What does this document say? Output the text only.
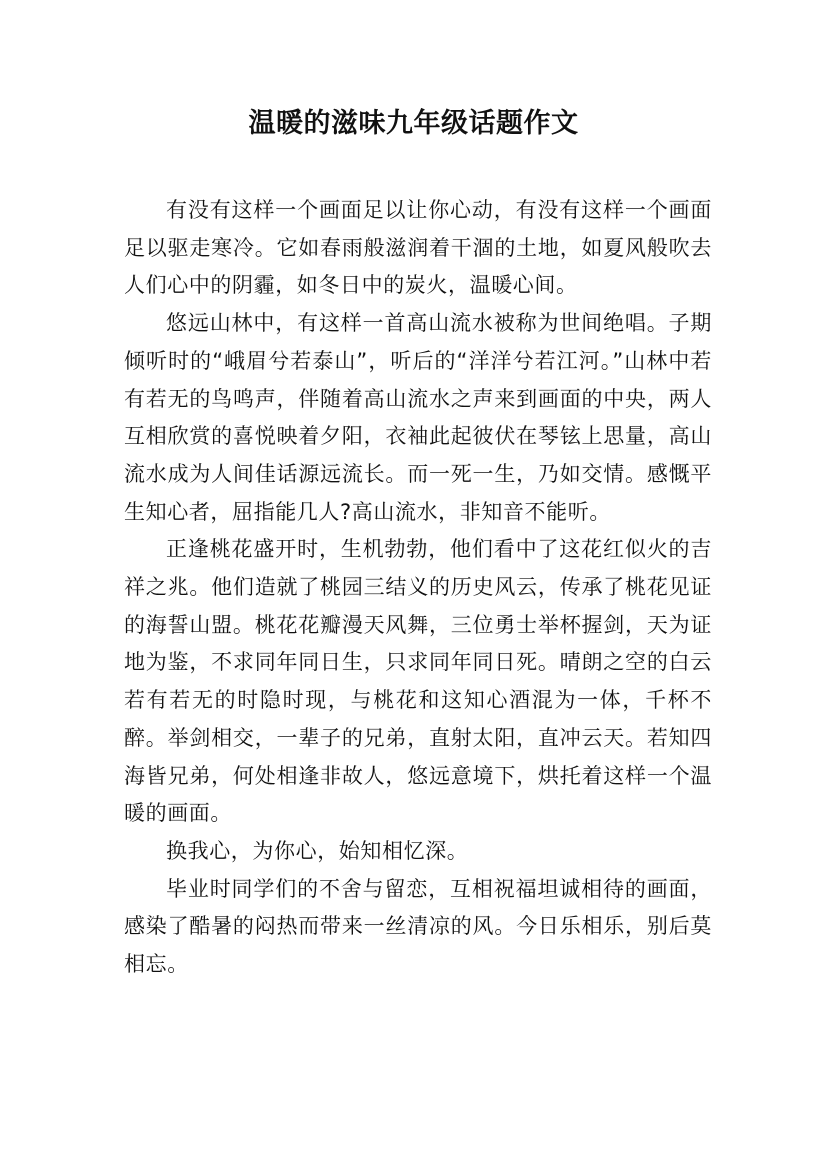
温暖的滋味九年级话题作文

有没有这样一个画面足以让你心动，有没有这样一个画面足以驱走寒冷。它如春雨般滋润着干涸的土地，如夏风般吹去人们心中的阴霾，如冬日中的炭火，温暖心间。

悠远山林中，有这样一首高山流水被称为世间绝唱。子期倾听时的“峨眉兮若泰山”，听后的“洋洋兮若江河。”山林中若有若无的鸟鸣声，伴随着高山流水之声来到画面的中央，两人互相欣赏的喜悦映着夕阳，衣袖此起彼伏在琴铉上思量，高山流水成为人间佳话源远流长。而一死一生，乃如交情。感慨平生知心者，屈指能几人?高山流水，非知音不能听。

正逢桃花盛开时，生机勃勃，他们看中了这花红似火的吉祥之兆。他们造就了桃园三结义的历史风云，传承了桃花见证的海誓山盟。桃花花瓣漫天风舞，三位勇士举杯握剑，天为证地为鉴，不求同年同日生，只求同年同日死。晴朗之空的白云若有若无的时隐时现，与桃花和这知心酒混为一体，千杯不醉。举剑相交，一辈子的兄弟，直射太阳，直冲云天。若知四海皆兄弟，何处相逢非故人，悠远意境下，烘托着这样一个温暖的画面。

换我心，为你心，始知相忆深。

毕业时同学们的不舍与留恋，互相祝福坦诚相待的画面，感染了酷暑的闷热而带来一丝清凉的风。今日乐相乐，别后莫相忘。
